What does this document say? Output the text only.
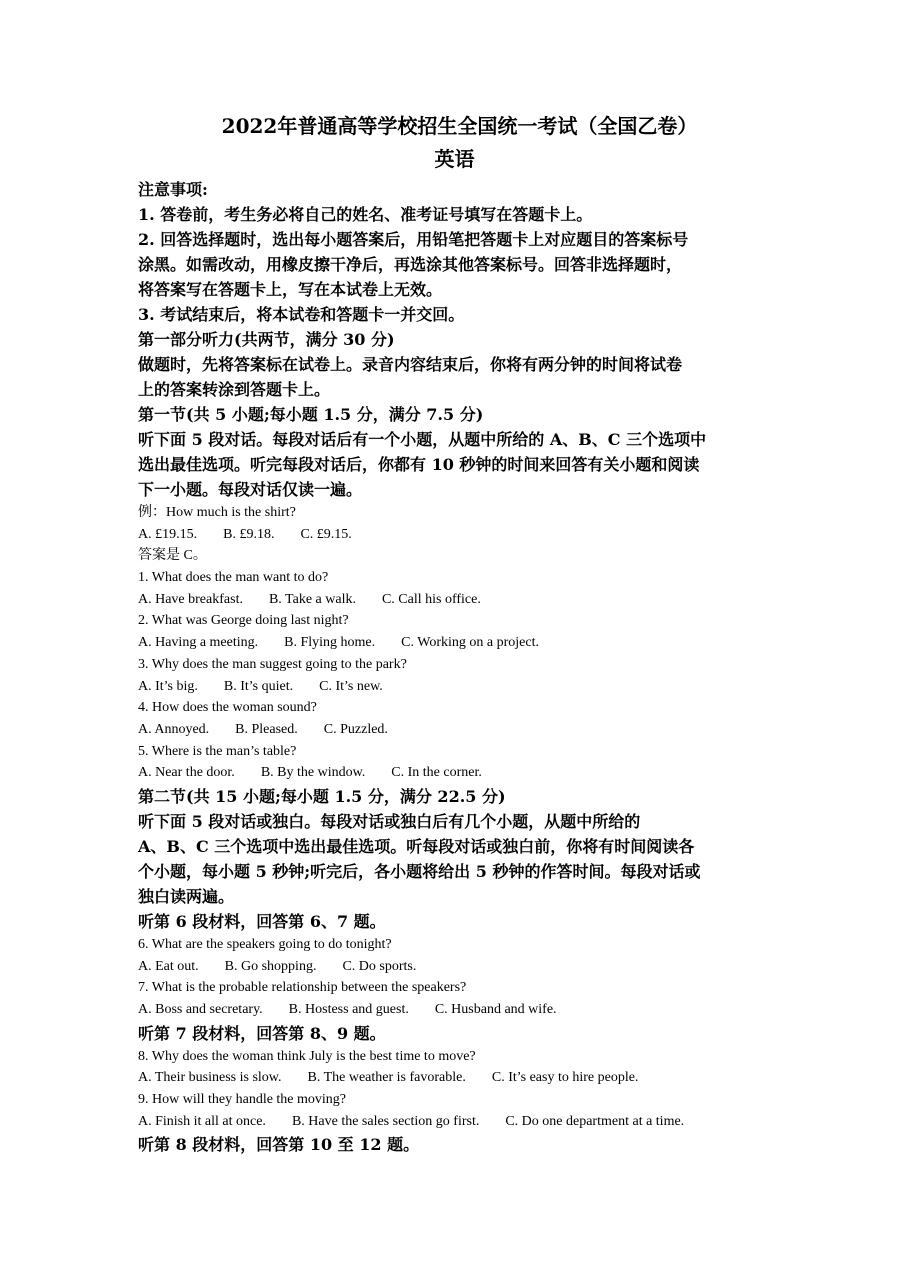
2022年普通高等学校招生全国统一考试（全国乙卷）
英语
注意事项:
1. 答卷前，考生务必将自己的姓名、准考证号填写在答题卡上。
2. 回答选择题时，选出每小题答案后，用铅笔把答题卡上对应题目的答案标号
涂黑。如需改动，用橡皮擦干净后，再选涂其他答案标号。回答非选择题时，
将答案写在答题卡上，写在本试卷上无效。
3. 考试结束后，将本试卷和答题卡一并交回。
第一部分听力(共两节，满分 30 分)
做题时，先将答案标在试卷上。录音内容结束后，你将有两分钟的时间将试卷
上的答案转涂到答题卡上。
第一节(共 5 小题;每小题 1.5 分，满分 7.5 分)
听下面 5 段对话。每段对话后有一个小题，从题中所给的 A、B、C 三个选项中
选出最佳选项。听完每段对话后，你都有 10 秒钟的时间来回答有关小题和阅读
下一小题。每段对话仅读一遍。
例：How much is the shirt?
A. £19.15. B. £9.18. C. £9.15.
答案是 C。
1. What does the man want to do?
A. Have breakfast. B. Take a walk. C. Call his office.
2. What was George doing last night?
A. Having a meeting. B. Flying home. C. Working on a project.
3. Why does the man suggest going to the park?
A. It’s big. B. It’s quiet. C. It’s new.
4. How does the woman sound?
A. Annoyed. B. Pleased. C. Puzzled.
5. Where is the man’s table?
A. Near the door. B. By the window. C. In the corner.
第二节(共 15 小题;每小题 1.5 分，满分 22.5 分)
听下面 5 段对话或独白。每段对话或独白后有几个小题，从题中所给的
A、B、C 三个选项中选出最佳选项。听每段对话或独白前，你将有时间阅读各
个小题，每小题 5 秒钟;听完后，各小题将给出 5 秒钟的作答时间。每段对话或
独白读两遍。
听第 6 段材料，回答第 6、7 题。
6. What are the speakers going to do tonight?
A. Eat out. B. Go shopping. C. Do sports.
7. What is the probable relationship between the speakers?
A. Boss and secretary. B. Hostess and guest. C. Husband and wife.
听第 7 段材料，回答第 8、9 题。
8. Why does the woman think July is the best time to move?
A. Their business is slow. B. The weather is favorable. C. It’s easy to hire people.
9. How will they handle the moving?
A. Finish it all at once. B. Have the sales section go first. C. Do one department at a time.
听第 8 段材料，回答第 10 至 12 题。
